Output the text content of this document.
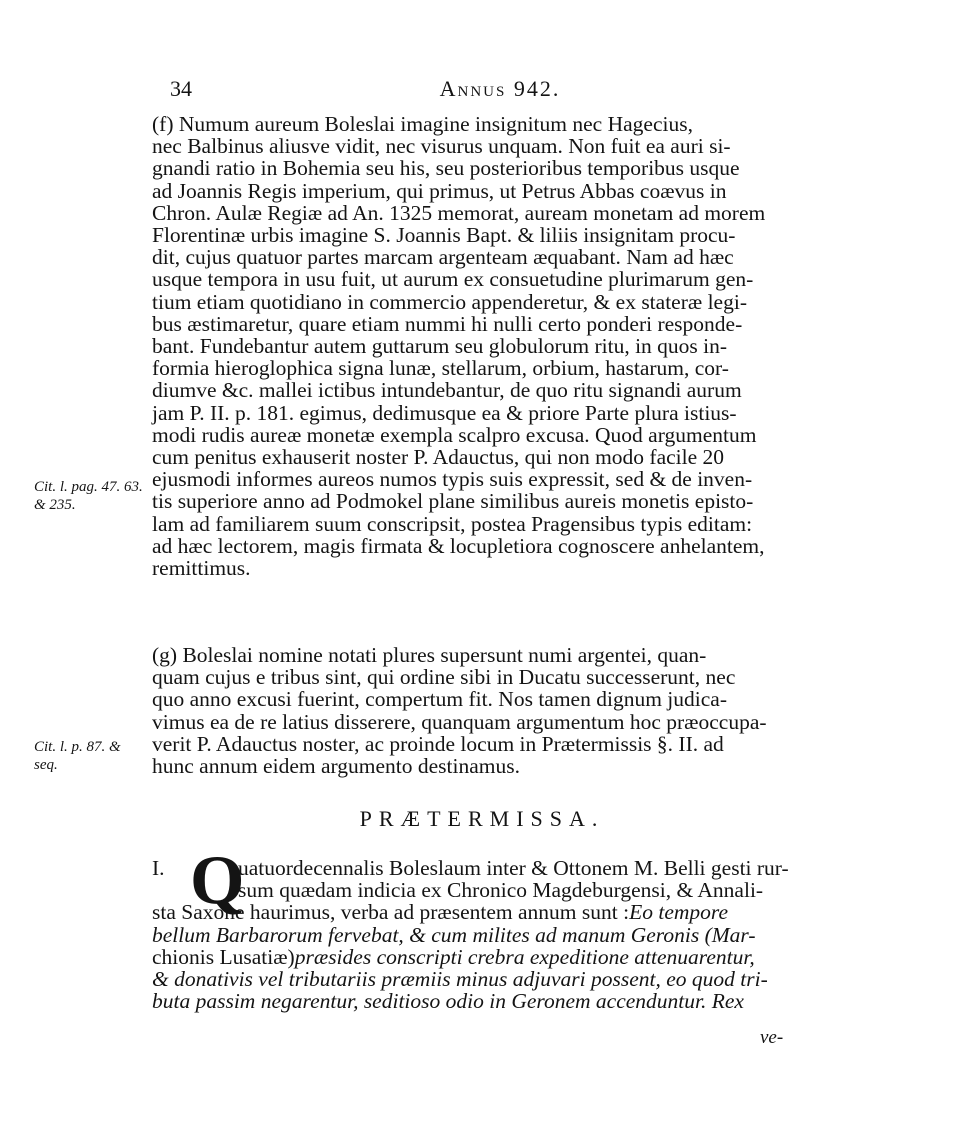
34	Annus 942.
Cit. l. pag. 47. 63. & 235.
Cit. l. p. 87. & seq.
(f) Numum aureum Boleslai imagine insignitum nec Hagecius,
nec Balbinus aliusve vidit, nec visurus unquam. Non fuit ea auri si-
gnandi ratio in Bohemia seu his, seu posterioribus temporibus usque
ad Joannis Regis imperium, qui primus, ut Petrus Abbas coævus in
Chron. Aulæ Regiæ ad An. 1325 memorat, auream monetam ad morem
Florentinæ urbis imagine S. Joannis Bapt. & liliis insignitam procu-
dit, cujus quatuor partes marcam argenteam æquabant. Nam ad hæc
usque tempora in usu fuit, ut aurum ex consuetudine plurimarum gen-
tium etiam quotidiano in commercio appenderetur, & ex stateræ legi-
bus æstimaretur, quare etiam nummi hi nulli certo ponderi responde-
bant. Fundebantur autem guttarum seu globulorum ritu, in quos in-
formia hieroglophica signa lunæ, stellarum, orbium, hastarum, cor-
diumve &c. mallei ictibus intundebantur, de quo ritu signandi aurum
jam P. II. p. 181. egimus, dedimusque ea & priore Parte plura istius-
modi rudis aureæ monetæ exempla scalpro excusa. Quod argumentum
cum penitus exhauserit noster P. Adauctus, qui non modo facile 20
ejusmodi informes aureos numos typis suis expressit, sed & de inven-
tis superiore anno ad Podmokel plane similibus aureis monetis episto-
lam ad familiarem suum conscripsit, postea Pragensibus typis editam:
ad hæc lectorem, magis firmata & locupletiora cognoscere anhelantem,
remittimus.
(g) Boleslai nomine notati plures supersunt numi argentei, quan-
quam cujus e tribus sint, qui ordine sibi in Ducatu successerunt, nec
quo anno excusi fuerint, compertum fit. Nos tamen dignum judica-
vimus ea de re latius disserere, quanquam argumentum hoc præoccupa-
verit P. Adauctus noster, ac proinde locum in Prætermissis §. II. ad
hunc annum eidem argumento destinamus.
PRÆTERMISSA.
Q
I.	uatuordecennalis Boleslaum inter & Ottonem M. Belli gesti rur-
sum quædam indicia ex Chronico Magdeburgensi, & Annali-
sta Saxone haurimus, verba ad præsentem annum sunt : Eo tempore
bellum Barbarorum fervebat, & cum milites ad manum Geronis (Mar-
chionis Lusatiæ) præsides conscripti crebra expeditione attenuarentur,
& donativis vel tributariis præmiis minus adjuvari possent, eo quod tri-
buta passim negarentur, seditioso odio in Geronem accenduntur. Rex
ve-
